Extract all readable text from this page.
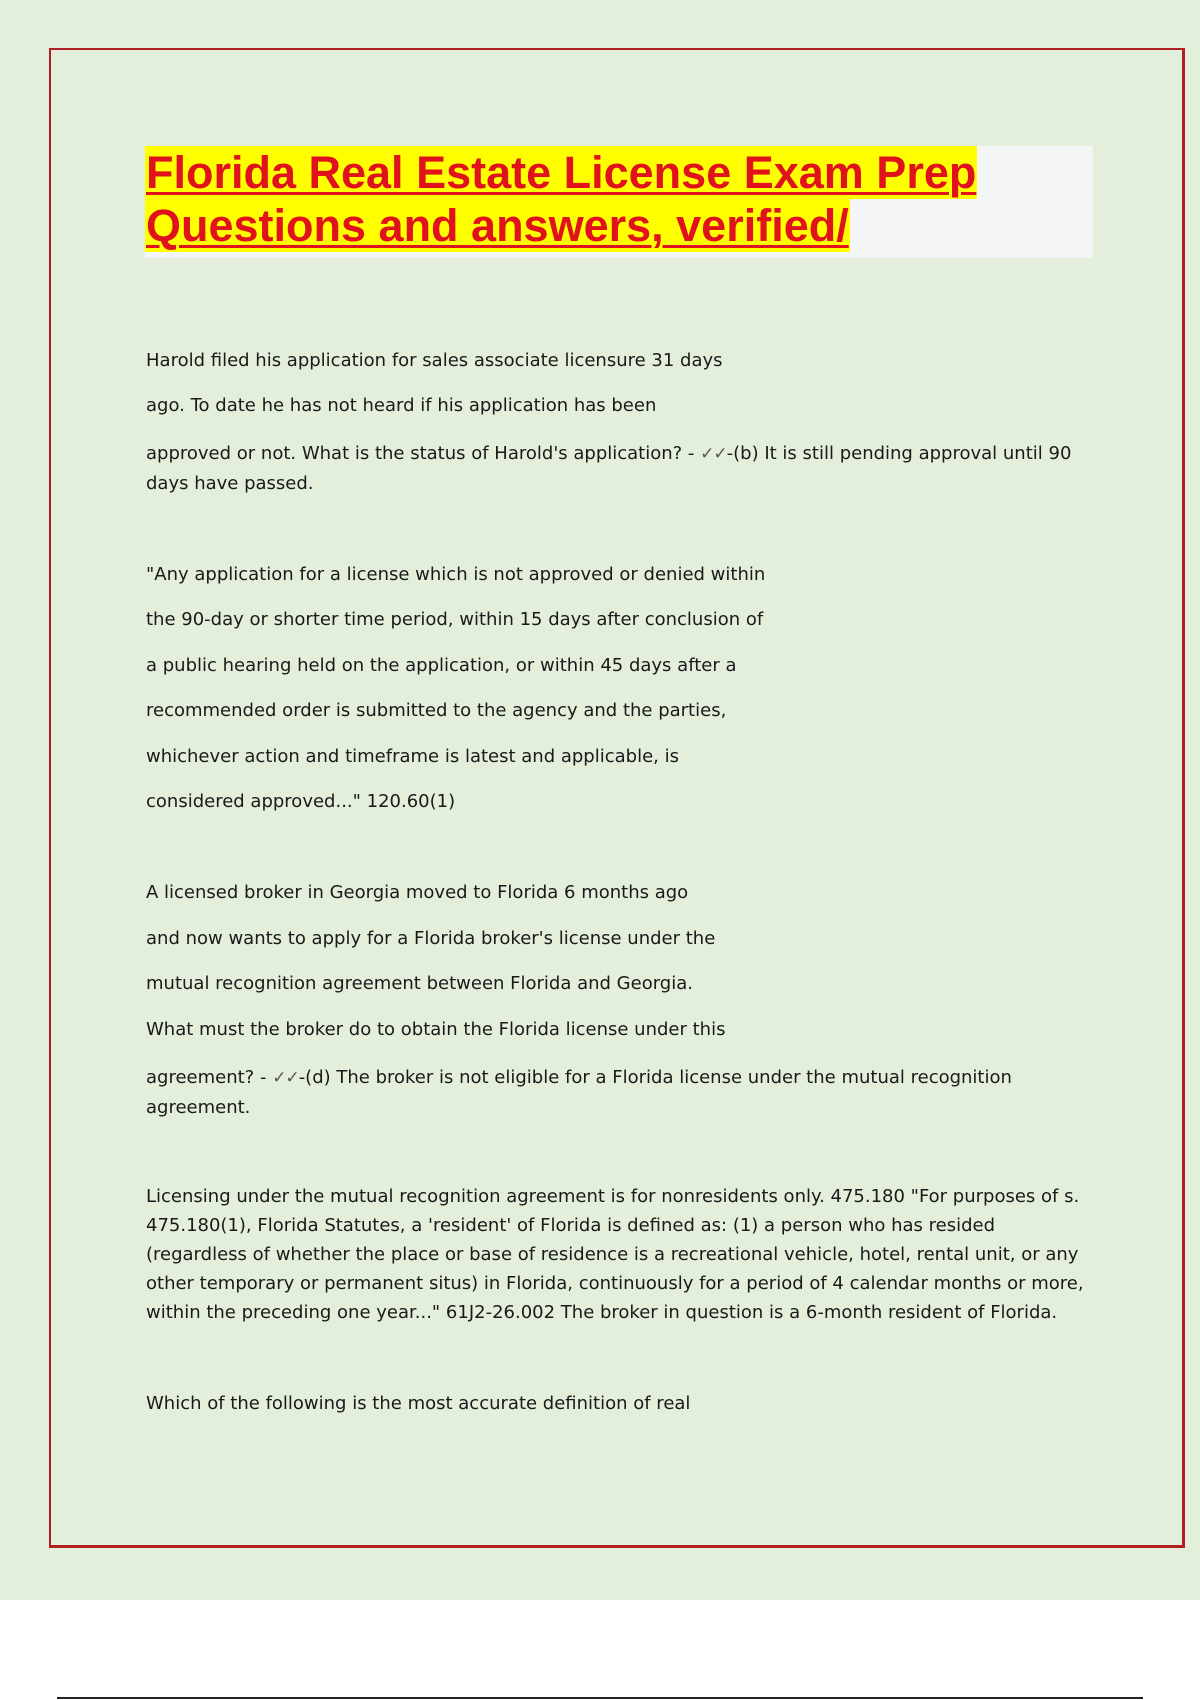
Florida Real Estate License Exam Prep
Questions and answers, verified/
Harold filed his application for sales associate licensure 31 days
ago. To date he has not heard if his application has been
approved or not. What is the status of Harold's application? - ✓✓-(b) It is still pending approval until 90 days have passed.
"Any application for a license which is not approved or denied within
the 90-day or shorter time period, within 15 days after conclusion of
a public hearing held on the application, or within 45 days after a
recommended order is submitted to the agency and the parties,
whichever action and timeframe is latest and applicable, is
considered approved..." 120.60(1)
A licensed broker in Georgia moved to Florida 6 months ago
and now wants to apply for a Florida broker's license under the
mutual recognition agreement between Florida and Georgia.
What must the broker do to obtain the Florida license under this
agreement? - ✓✓-(d) The broker is not eligible for a Florida license under the mutual recognition agreement.
Licensing under the mutual recognition agreement is for nonresidents only. 475.180 "For purposes of s. 475.180(1), Florida Statutes, a 'resident' of Florida is defined as: (1) a person who has resided (regardless of whether the place or base of residence is a recreational vehicle, hotel, rental unit, or any other temporary or permanent situs) in Florida, continuously for a period of 4 calendar months or more, within the preceding one year..." 61J2-26.002 The broker in question is a 6-month resident of Florida.
Which of the following is the most accurate definition of real
